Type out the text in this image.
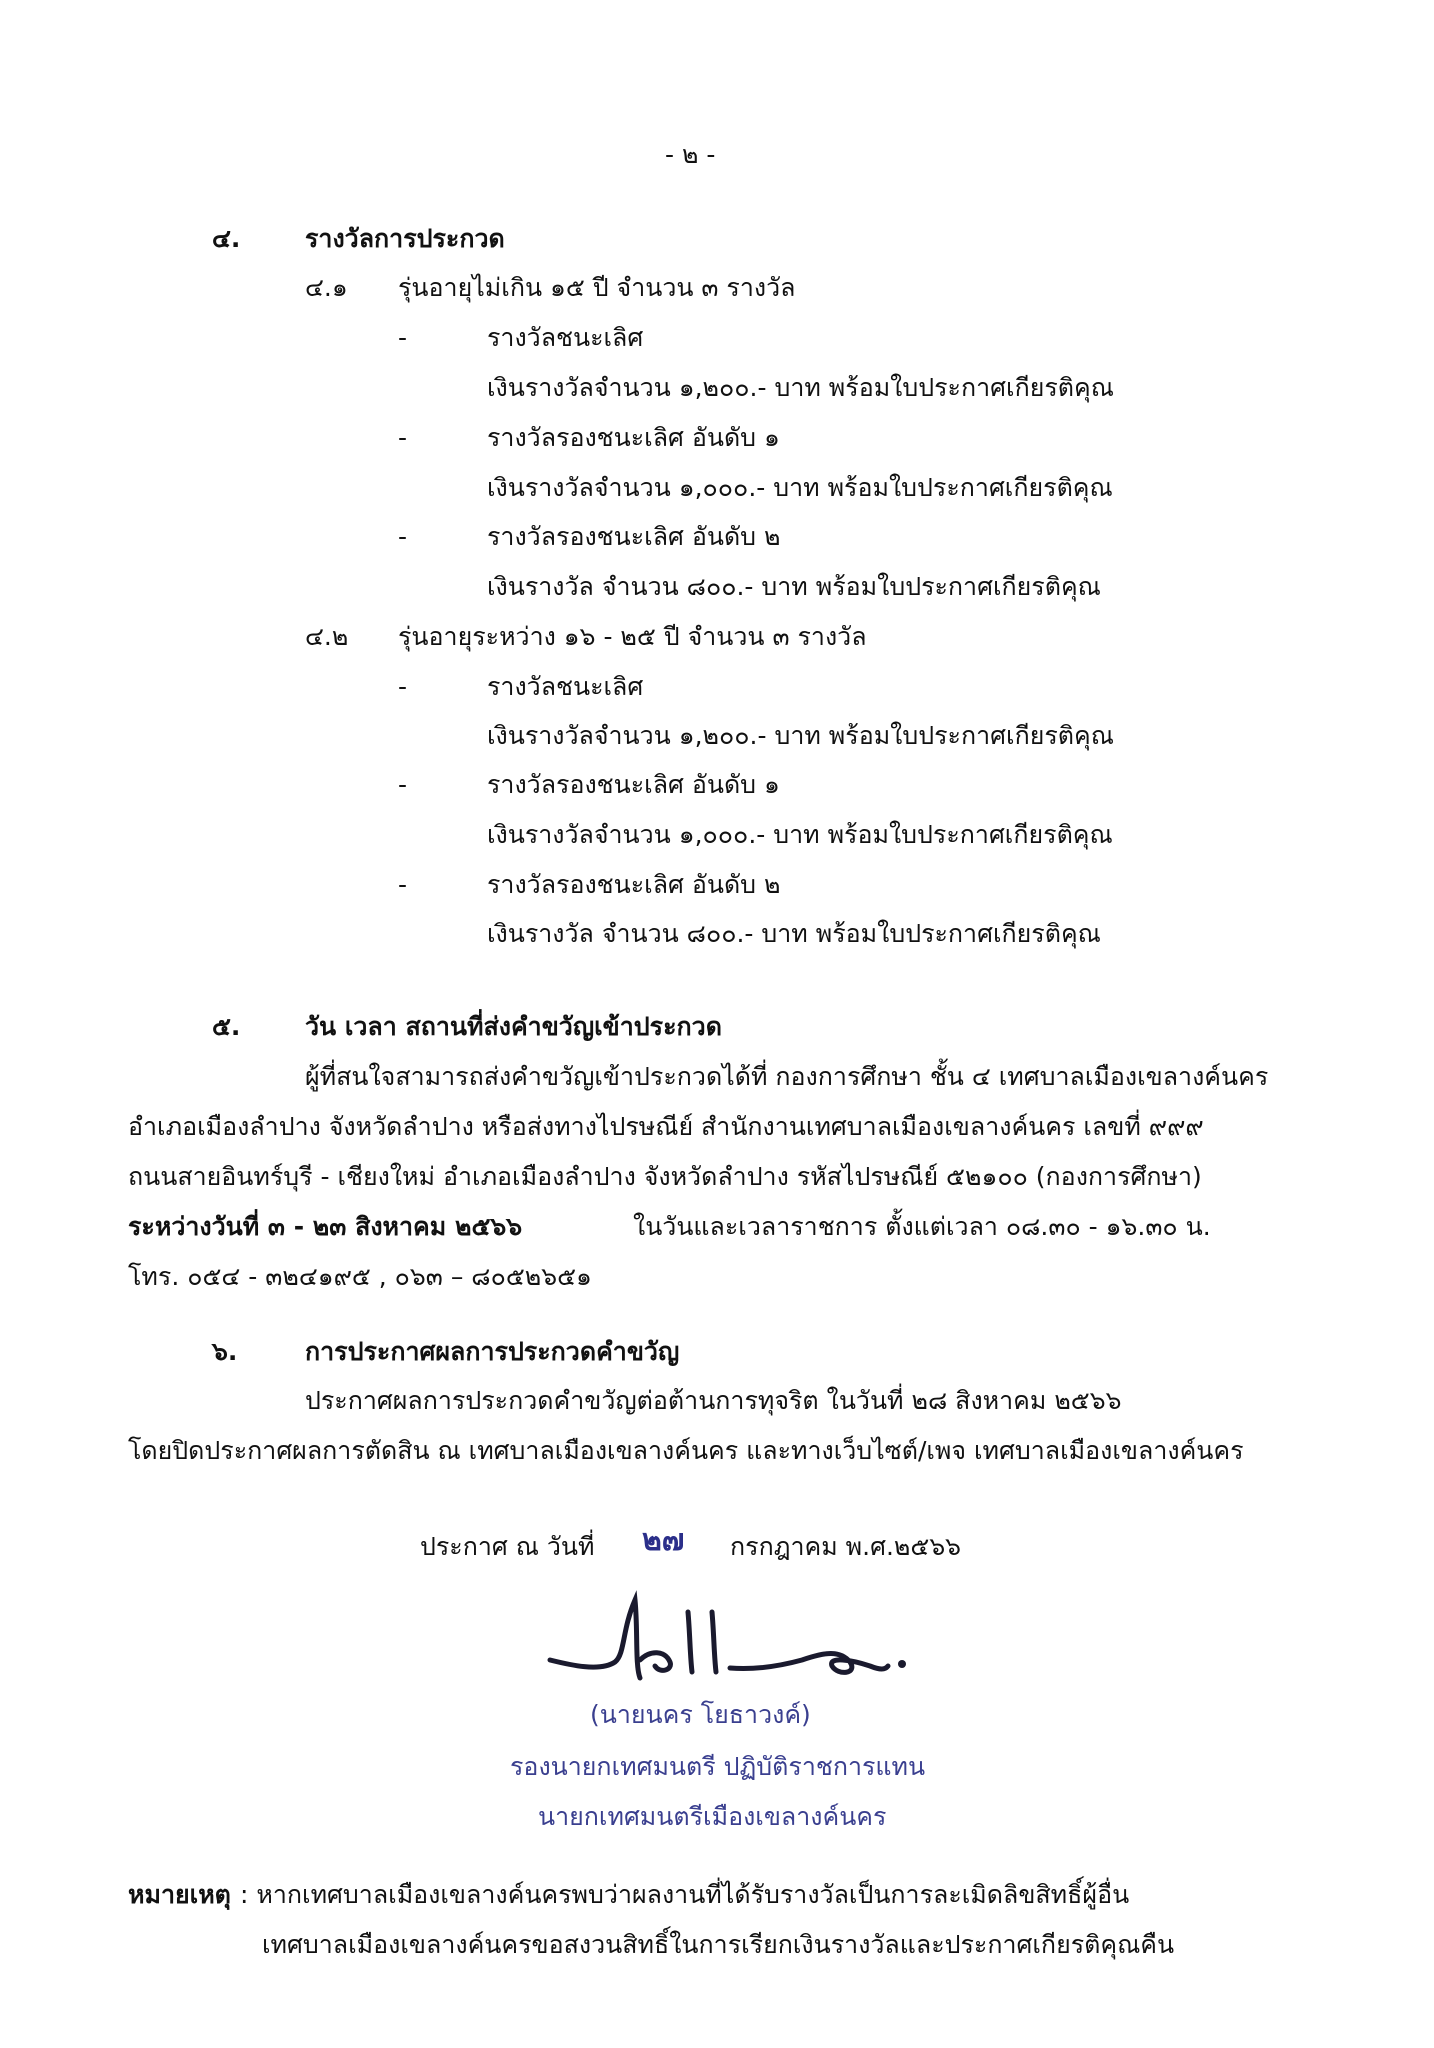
- ๒ -
๔.	รางวัลการประกวด
๔.๑ รุ่นอายุไม่เกิน ๑๕ ปี จำนวน ๓ รางวัล
-	รางวัลชนะเลิศ
เงินรางวัลจำนวน ๑,๒๐๐.- บาท พร้อมใบประกาศเกียรติคุณ
-	รางวัลรองชนะเลิศ อันดับ ๑
เงินรางวัลจำนวน ๑,๐๐๐.- บาท พร้อมใบประกาศเกียรติคุณ
-	รางวัลรองชนะเลิศ อันดับ ๒
เงินรางวัล จำนวน ๘๐๐.- บาท พร้อมใบประกาศเกียรติคุณ
๔.๒ รุ่นอายุระหว่าง ๑๖ - ๒๕ ปี จำนวน ๓ รางวัล
-	รางวัลชนะเลิศ
เงินรางวัลจำนวน ๑,๒๐๐.- บาท พร้อมใบประกาศเกียรติคุณ
-	รางวัลรองชนะเลิศ อันดับ ๑
เงินรางวัลจำนวน ๑,๐๐๐.- บาท พร้อมใบประกาศเกียรติคุณ
-	รางวัลรองชนะเลิศ อันดับ ๒
เงินรางวัล จำนวน ๘๐๐.- บาท พร้อมใบประกาศเกียรติคุณ
๕.	วัน เวลา สถานที่ส่งคำขวัญเข้าประกวด
ผู้ที่สนใจสามารถส่งคำขวัญเข้าประกวดได้ที่ กองการศึกษา ชั้น ๔ เทศบาลเมืองเขลางค์นคร
อำเภอเมืองลำปาง จังหวัดลำปาง หรือส่งทางไปรษณีย์ สำนักงานเทศบาลเมืองเขลางค์นคร เลขที่ ๙๙๙
ถนนสายอินทร์บุรี - เชียงใหม่ อำเภอเมืองลำปาง จังหวัดลำปาง รหัสไปรษณีย์ ๕๒๑๐๐ (กองการศึกษา)
ระหว่างวันที่ ๓ - ๒๓ สิงหาคม ๒๕๖๖	ในวันและเวลาราชการ ตั้งแต่เวลา ๐๘.๓๐ - ๑๖.๓๐ น.
โทร. ๐๕๔ - ๓๒๔๑๙๕ , ๐๖๓ – ๘๐๕๒๖๕๑
๖.	การประกาศผลการประกวดคำขวัญ
ประกาศผลการประกวดคำขวัญต่อต้านการทุจริต ในวันที่ ๒๘ สิงหาคม ๒๕๖๖
โดยปิดประกาศผลการตัดสิน ณ เทศบาลเมืองเขลางค์นคร และทางเว็บไซต์/เพจ เทศบาลเมืองเขลางค์นคร
ประกาศ ณ วันที่ ๒๗ กรกฎาคม พ.ศ.๒๕๖๖
(นายนคร โยธาวงค์)
รองนายกเทศมนตรี ปฏิบัติราชการแทน
นายกเทศมนตรีเมืองเขลางค์นคร
หมายเหตุ : หากเทศบาลเมืองเขลางค์นครพบว่าผลงานที่ได้รับรางวัลเป็นการละเมิดลิขสิทธิ์ผู้อื่น
เทศบาลเมืองเขลางค์นครขอสงวนสิทธิ์ในการเรียกเงินรางวัลและประกาศเกียรติคุณคืน
